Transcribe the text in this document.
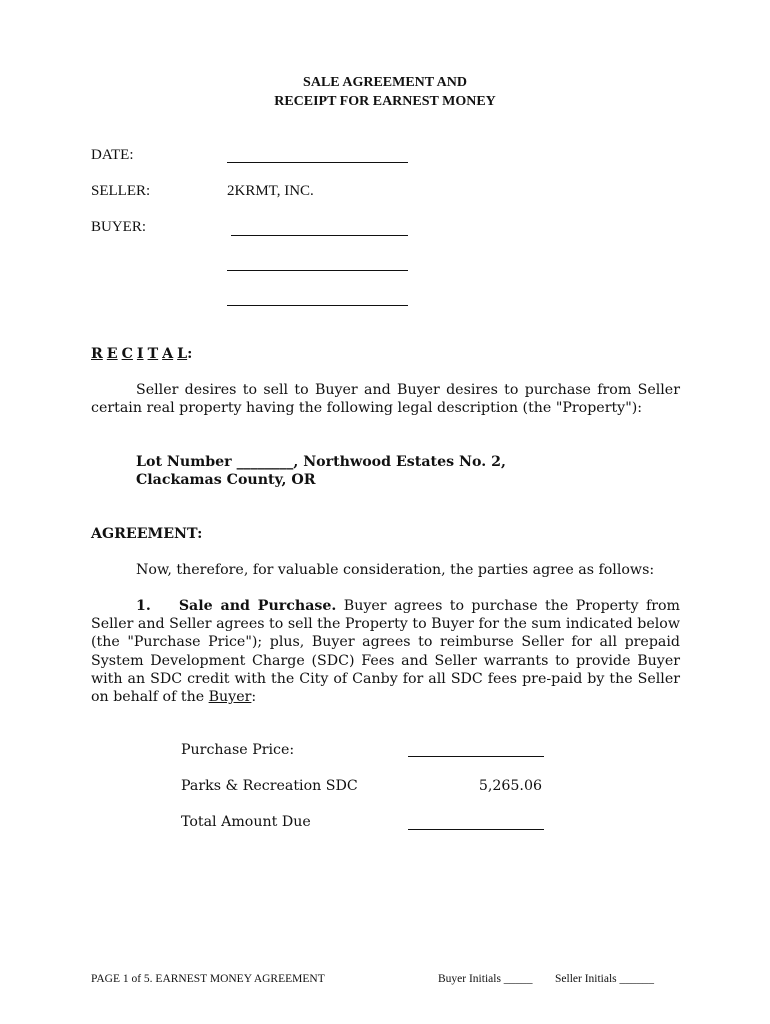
SALE AGREEMENT AND
RECEIPT FOR EARNEST MONEY
DATE:
SELLER:	2KRMT, INC.
BUYER:
R E C I T A L:
Seller desires to sell to Buyer and Buyer desires to purchase from Seller certain real property having the following legal description (the "Property"):
Lot Number ________, Northwood Estates No. 2,
Clackamas County, OR
AGREEMENT:
Now, therefore, for valuable consideration, the parties agree as follows:
1. Sale and Purchase. Buyer agrees to purchase the Property from Seller and Seller agrees to sell the Property to Buyer for the sum indicated below (the "Purchase Price"); plus, Buyer agrees to reimburse Seller for all prepaid System Development Charge (SDC) Fees and Seller warrants to provide Buyer with an SDC credit with the City of Canby for all SDC fees pre-paid by the Seller on behalf of the Buyer:
Purchase Price:
Parks & Recreation SDC	5,265.06
Total Amount Due
PAGE 1 of 5. EARNEST MONEY AGREEMENT	Buyer Initials _____ Seller Initials ______
